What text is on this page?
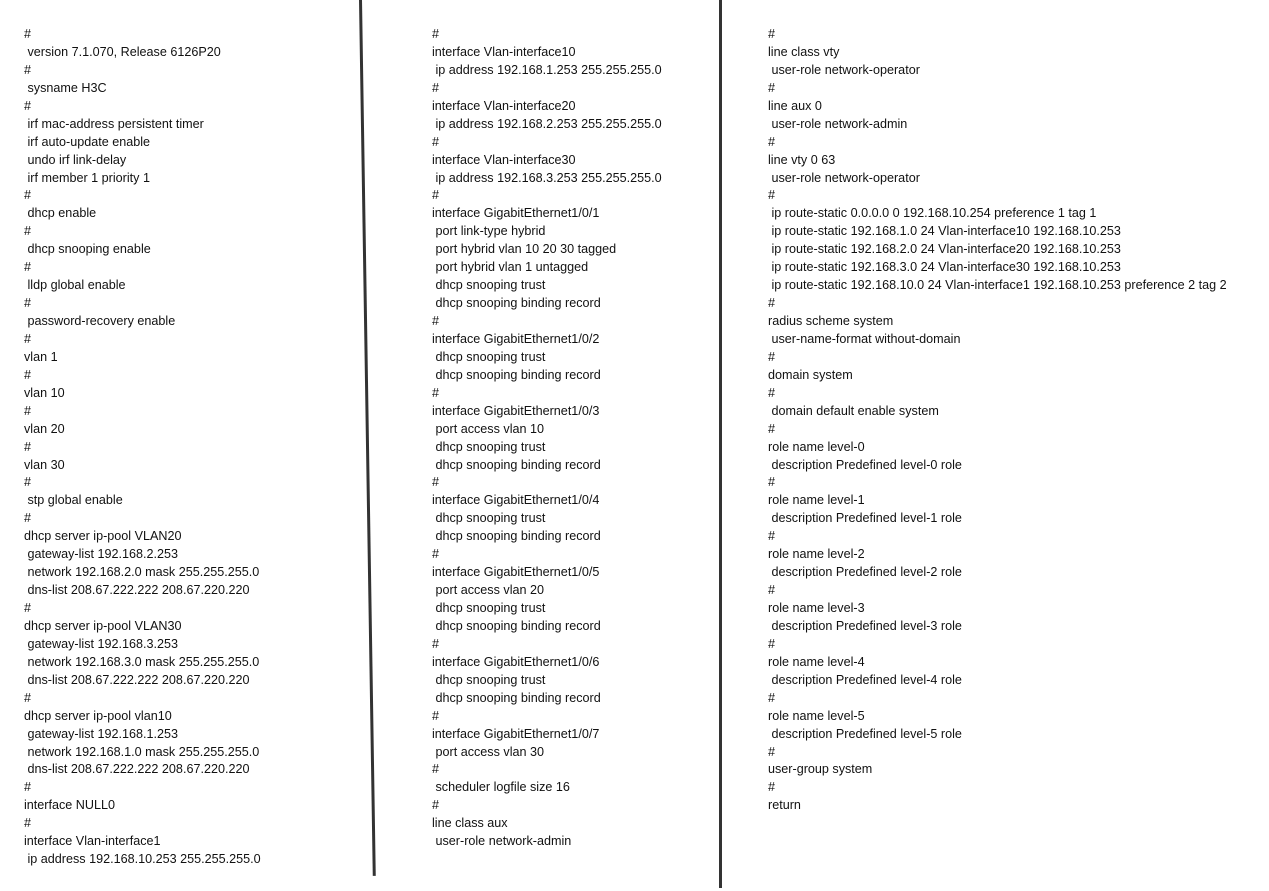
#
version 7.1.070, Release 6126P20
#
sysname H3C
#
irf mac-address persistent timer
irf auto-update enable
undo irf link-delay
irf member 1 priority 1
#
dhcp enable
#
dhcp snooping enable
#
lldp global enable
#
password-recovery enable
#
vlan 1
#
vlan 10
#
vlan 20
#
vlan 30
#
stp global enable
#
dhcp server ip-pool VLAN20
gateway-list 192.168.2.253
network 192.168.2.0 mask 255.255.255.0
dns-list 208.67.222.222 208.67.220.220
#
dhcp server ip-pool VLAN30
gateway-list 192.168.3.253
network 192.168.3.0 mask 255.255.255.0
dns-list 208.67.222.222 208.67.220.220
#
dhcp server ip-pool vlan10
gateway-list 192.168.1.253
network 192.168.1.0 mask 255.255.255.0
dns-list 208.67.222.222 208.67.220.220
#
interface NULL0
#
interface Vlan-interface1
ip address 192.168.10.253 255.255.255.0
#
interface Vlan-interface10
ip address 192.168.1.253 255.255.255.0
#
interface Vlan-interface20
ip address 192.168.2.253 255.255.255.0
#
interface Vlan-interface30
ip address 192.168.3.253 255.255.255.0
#
interface GigabitEthernet1/0/1
port link-type hybrid
port hybrid vlan 10 20 30 tagged
port hybrid vlan 1 untagged
dhcp snooping trust
dhcp snooping binding record
#
interface GigabitEthernet1/0/2
dhcp snooping trust
dhcp snooping binding record
#
interface GigabitEthernet1/0/3
port access vlan 10
dhcp snooping trust
dhcp snooping binding record
#
interface GigabitEthernet1/0/4
dhcp snooping trust
dhcp snooping binding record
#
interface GigabitEthernet1/0/5
port access vlan 20
dhcp snooping trust
dhcp snooping binding record
#
interface GigabitEthernet1/0/6
dhcp snooping trust
dhcp snooping binding record
#
interface GigabitEthernet1/0/7
port access vlan 30
#
scheduler logfile size 16
#
line class aux
user-role network-admin
#
line class vty
user-role network-operator
#
line aux 0
user-role network-admin
#
line vty 0 63
user-role network-operator
#
ip route-static 0.0.0.0 0 192.168.10.254 preference 1 tag 1
ip route-static 192.168.1.0 24 Vlan-interface10 192.168.10.253
ip route-static 192.168.2.0 24 Vlan-interface20 192.168.10.253
ip route-static 192.168.3.0 24 Vlan-interface30 192.168.10.253
ip route-static 192.168.10.0 24 Vlan-interface1 192.168.10.253 preference 2 tag 2
#
radius scheme system
user-name-format without-domain
#
domain system
#
domain default enable system
#
role name level-0
description Predefined level-0 role
#
role name level-1
description Predefined level-1 role
#
role name level-2
description Predefined level-2 role
#
role name level-3
description Predefined level-3 role
#
role name level-4
description Predefined level-4 role
#
role name level-5
description Predefined level-5 role
#
user-group system
#
return
